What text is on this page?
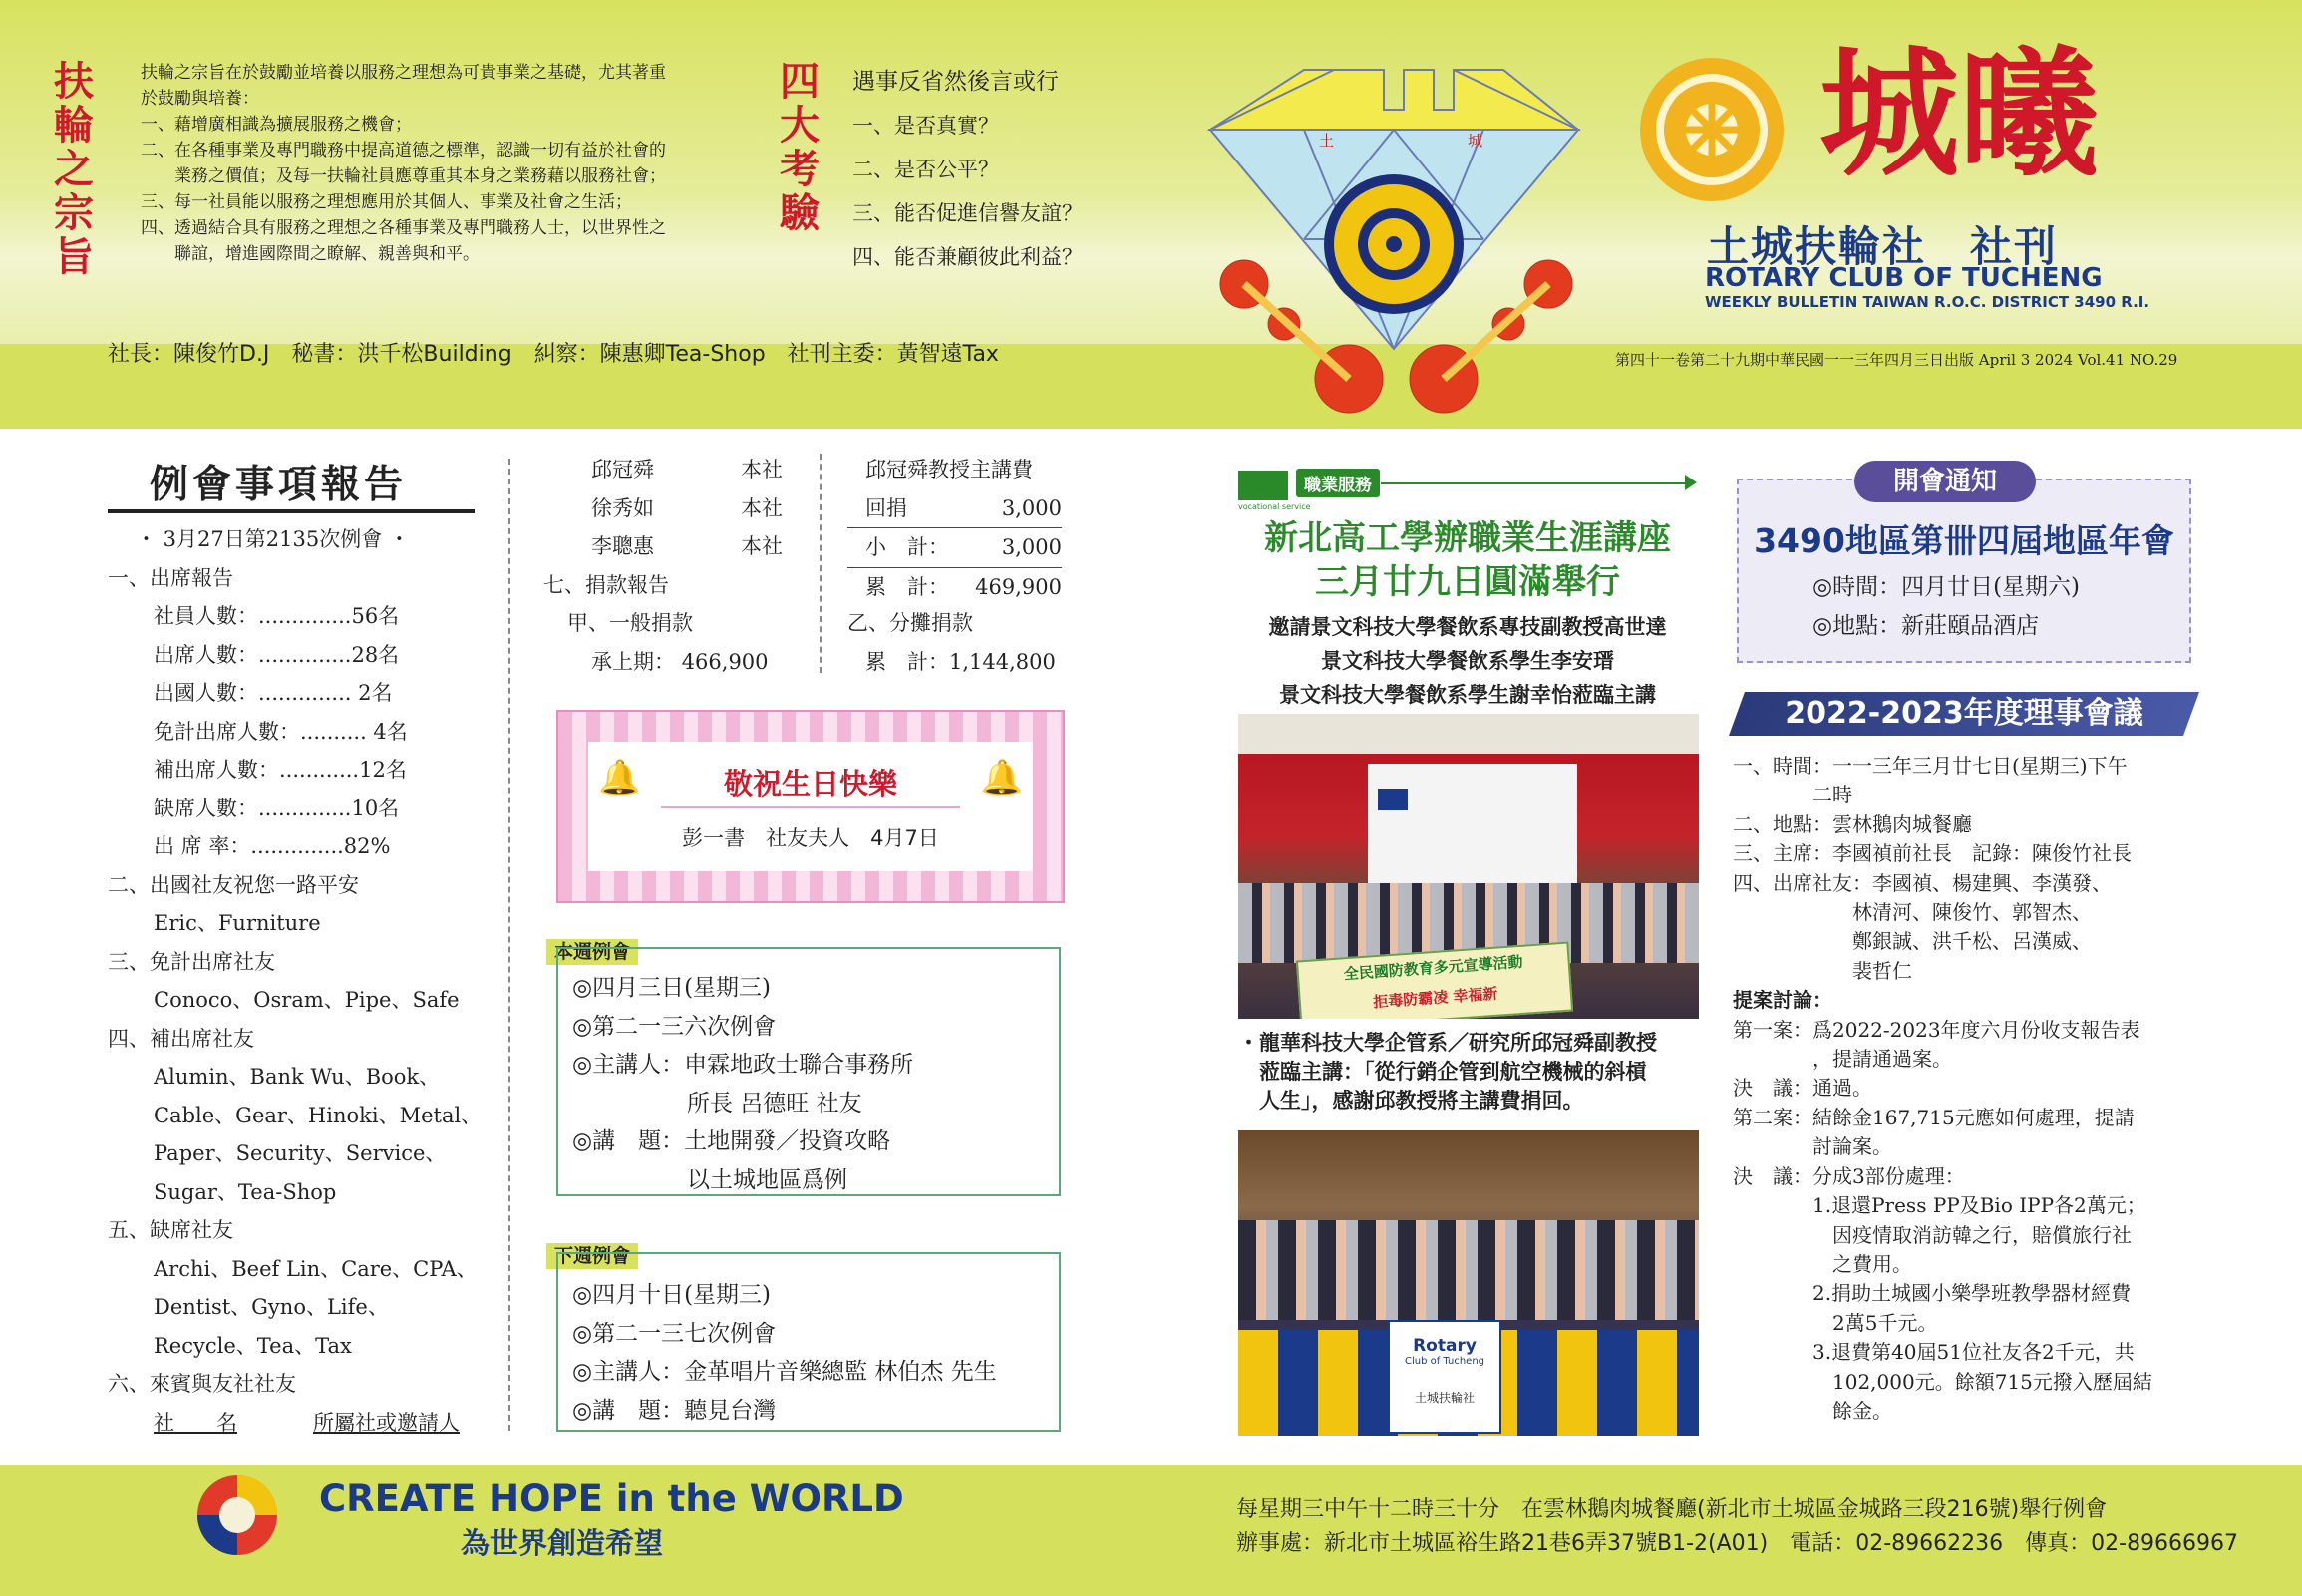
扶輪之宗旨
扶輪之宗旨在於鼓勵並培養以服務之理想為可貴事業之基礎，尤其著重
於鼓勵與培養：
一、藉增廣相識為擴展服務之機會；
二、在各種事業及專門職務中提高道德之標準，認識一切有益於社會的
　　業務之價值；及每一扶輪社員應尊重其本身之業務藉以服務社會；
三、每一社員能以服務之理想應用於其個人、事業及社會之生活；
四、透過結合具有服務之理想之各種事業及專門職務人士，以世界性之
　　聯誼，增進國際間之瞭解、親善與和平。
四大考驗
遇事反省然後言或行
一、是否真實？
二、是否公平？
三、能否促進信譽友誼？
四、能否兼顧彼此利益？
社長：陳俊竹D.J　秘書：洪千松Building　糾察：陳惠卿Tea-Shop　社刊主委：黃智遠Tax
土	城 城曦
土城扶輪社　社刊
ROTARY CLUB OF TUCHENG
WEEKLY BULLETIN TAIWAN R.O.C. DISTRICT 3490 R.I.
第四十一卷第二十九期中華民國一一三年四月三日出版 April 3 2024 Vol.41 NO.29
例會事項報告
・ 3月27日第2135次例會 ・
一、出席報告
社員人數：..............56名
出席人數：..............28名
出國人數：.............. 2名
免計出席人數：.......... 4名
補出席人數：............12名
缺席人數：..............10名
出 席 率：..............82%
二、出國社友祝您一路平安
Eric、Furniture
三、免計出席社友
Conoco、Osram、Pipe、Safe
四、補出席社友
Alumin、Bank Wu、Book、
Cable、Gear、Hinoki、Metal、
Paper、Security、Service、
Sugar、Tea-Shop
五、缺席社友
Archi、Beef Lin、Care、CPA、
Dentist、Gyno、Life、
Recycle、Tea、Tax
六、來賓與友社社友
社　　名	所屬社或邀請人
邱冠舜	本社
徐秀如	本社
李聰惠	本社
七、捐款報告
甲、一般捐款
承上期： 466,900
邱冠舜教授主講費
回捐	3,000
小　計：	3,000
累　計： 469,900
乙、分攤捐款
累　計：1,144,800
🔔	🔔
敬祝生日快樂
彭一書　社友夫人　4月7日
本週例會
◎四月三日(星期三)
◎第二一三六次例會
◎主講人：申霖地政士聯合事務所
　　　　　所長 呂德旺 社友
◎講　題：土地開發／投資攻略
　　　　　以土城地區爲例
下週例會
◎四月十日(星期三)
◎第二一三七次例會
◎主講人：金革唱片音樂總監 林伯杰 先生
◎講　題：聽見台灣
vocational service
職業服務
新北高工學辦職業生涯講座
三月廿九日圓滿舉行
邀請景文科技大學餐飲系專技副教授高世達
景文科技大學餐飲系學生李安瑨
景文科技大學餐飲系學生謝幸怡蒞臨主講
全民國防教育多元宣導活動
拒毒防霸凌 幸福新
・龍華科技大學企管系／研究所邱冠舜副教授
　蒞臨主講：「從行銷企管到航空機械的斜槓
　人生」，感謝邱教授將主講費捐回。
Rotary
Club of Tucheng
土城扶輪社
開會通知
3490地區第卌四屆地區年會
◎時間：四月廿日(星期六)
◎地點：新莊頤品酒店
2022-2023年度理事會議
一、時間：一一三年三月廿七日(星期三)下午
　　　　二時
二、地點：雲林鵝肉城餐廳
三、主席：李國禎前社長　記錄：陳俊竹社長
四、出席社友：李國禎、楊建興、李漢發、
　　　　　　林清河、陳俊竹、郭智杰、
　　　　　　鄭銀誠、洪千松、呂漢威、
　　　　　　裴哲仁
提案討論：
第一案：爲2022-2023年度六月份收支報告表
　　　　，提請通過案。
決　議：通過。
第二案：結餘金167,715元應如何處理，提請
　　　　討論案。
決　議：分成3部份處理：
　　　　1.退還Press PP及Bio IPP各2萬元；
　　　　　因疫情取消訪韓之行，賠償旅行社
　　　　　之費用。
　　　　2.捐助土城國小樂學班教學器材經費
　　　　　2萬5千元。
　　　　3.退費第40屆51位社友各2千元，共
　　　　　102,000元。餘額715元撥入歷屆結
　　　　　餘金。
CREATE HOPE in the WORLD
為世界創造希望
每星期三中午十二時三十分　在雲林鵝肉城餐廳(新北市土城區金城路三段216號)舉行例會
辦事處：新北市土城區裕生路21巷6弄37號B1-2(A01)　電話：02-89662236　傳真：02-89666967
